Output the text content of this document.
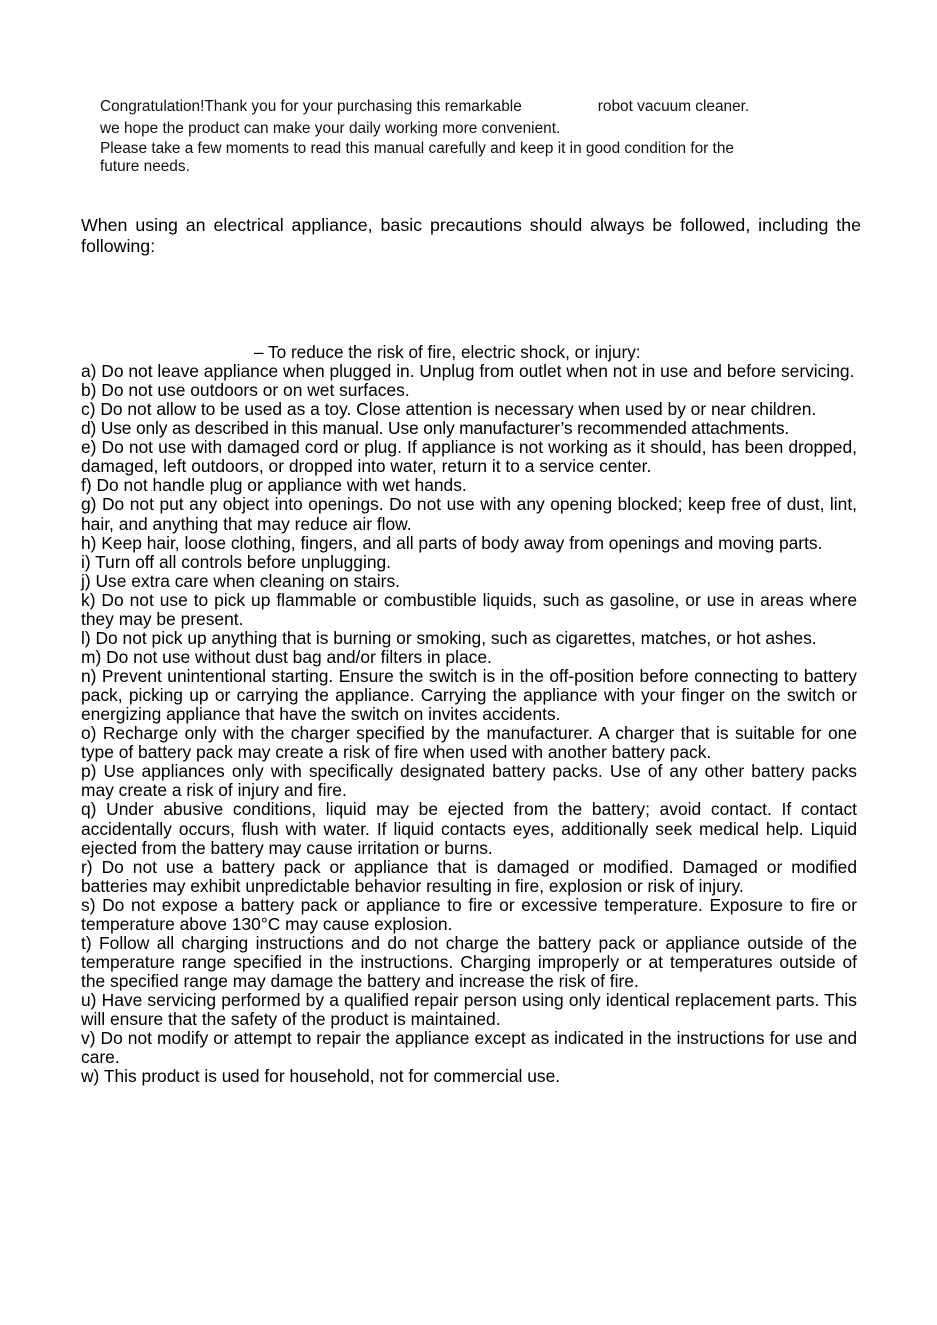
Congratulation!Thank you for your purchasing this remarkable	robot vacuum cleaner.
we hope the product can make your daily working more convenient.
Please take a few moments to read this manual carefully and keep it in good condition for the
future needs.
When using an electrical appliance, basic precautions should always be followed, including the following:
– To reduce the risk of fire, electric shock, or injury:
a) Do not leave appliance when plugged in. Unplug from outlet when not in use and before servicing.
b) Do not use outdoors or on wet surfaces.
c) Do not allow to be used as a toy. Close attention is necessary when used by or near children.
d) Use only as described in this manual. Use only manufacturer’s recommended attachments.
e) Do not use with damaged cord or plug. If appliance is not working as it should, has been dropped, damaged, left outdoors, or dropped into water, return it to a service center.
f) Do not handle plug or appliance with wet hands.
g) Do not put any object into openings. Do not use with any opening blocked; keep free of dust, lint, hair, and anything that may reduce air flow.
h) Keep hair, loose clothing, fingers, and all parts of body away from openings and moving parts.
i) Turn off all controls before unplugging.
j) Use extra care when cleaning on stairs.
k) Do not use to pick up flammable or combustible liquids, such as gasoline, or use in areas where they may be present.
l) Do not pick up anything that is burning or smoking, such as cigarettes, matches, or hot ashes.
m) Do not use without dust bag and/or filters in place.
n) Prevent unintentional starting. Ensure the switch is in the off-position before connecting to battery pack, picking up or carrying the appliance. Carrying the appliance with your finger on the switch or energizing appliance that have the switch on invites accidents.
o) Recharge only with the charger specified by the manufacturer. A charger that is suitable for one type of battery pack may create a risk of fire when used with another battery pack.
p) Use appliances only with specifically designated battery packs. Use of any other battery packs may create a risk of injury and fire.
q) Under abusive conditions, liquid may be ejected from the battery; avoid contact. If contact accidentally occurs, flush with water. If liquid contacts eyes, additionally seek medical help. Liquid ejected from the battery may cause irritation or burns.
r) Do not use a battery pack or appliance that is damaged or modified. Damaged or modified batteries may exhibit unpredictable behavior resulting in fire, explosion or risk of injury.
s) Do not expose a battery pack or appliance to fire or excessive temperature. Exposure to fire or temperature above 130°C may cause explosion.
t) Follow all charging instructions and do not charge the battery pack or appliance outside of the temperature range specified in the instructions. Charging improperly or at temperatures outside of the specified range may damage the battery and increase the risk of fire.
u) Have servicing performed by a qualified repair person using only identical replacement parts. This will ensure that the safety of the product is maintained.
v) Do not modify or attempt to repair the appliance except as indicated in the instructions for use and care.
w) This product is used for household, not for commercial use.
